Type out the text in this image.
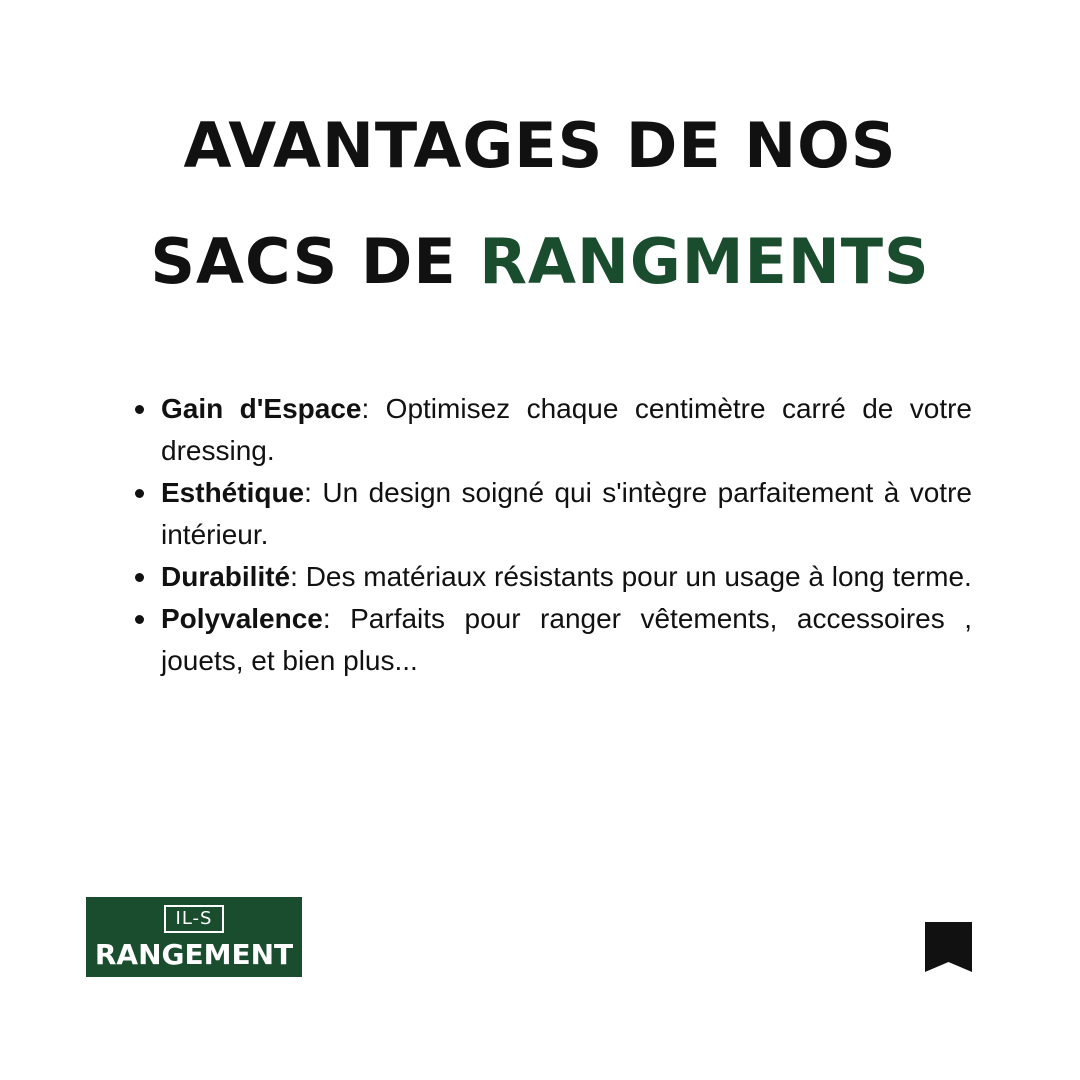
AVANTAGES DE NOS
SACS DE RANGMENTS
Gain d'Espace: Optimisez chaque centimètre carré de votre dressing.
Esthétique: Un design soigné qui s'intègre parfaitement à votre intérieur.
Durabilité: Des matériaux résistants pour un usage à long terme.
Polyvalence: Parfaits pour ranger vêtements, accessoires , jouets, et bien plus...
IL-S
RANGEMENT
